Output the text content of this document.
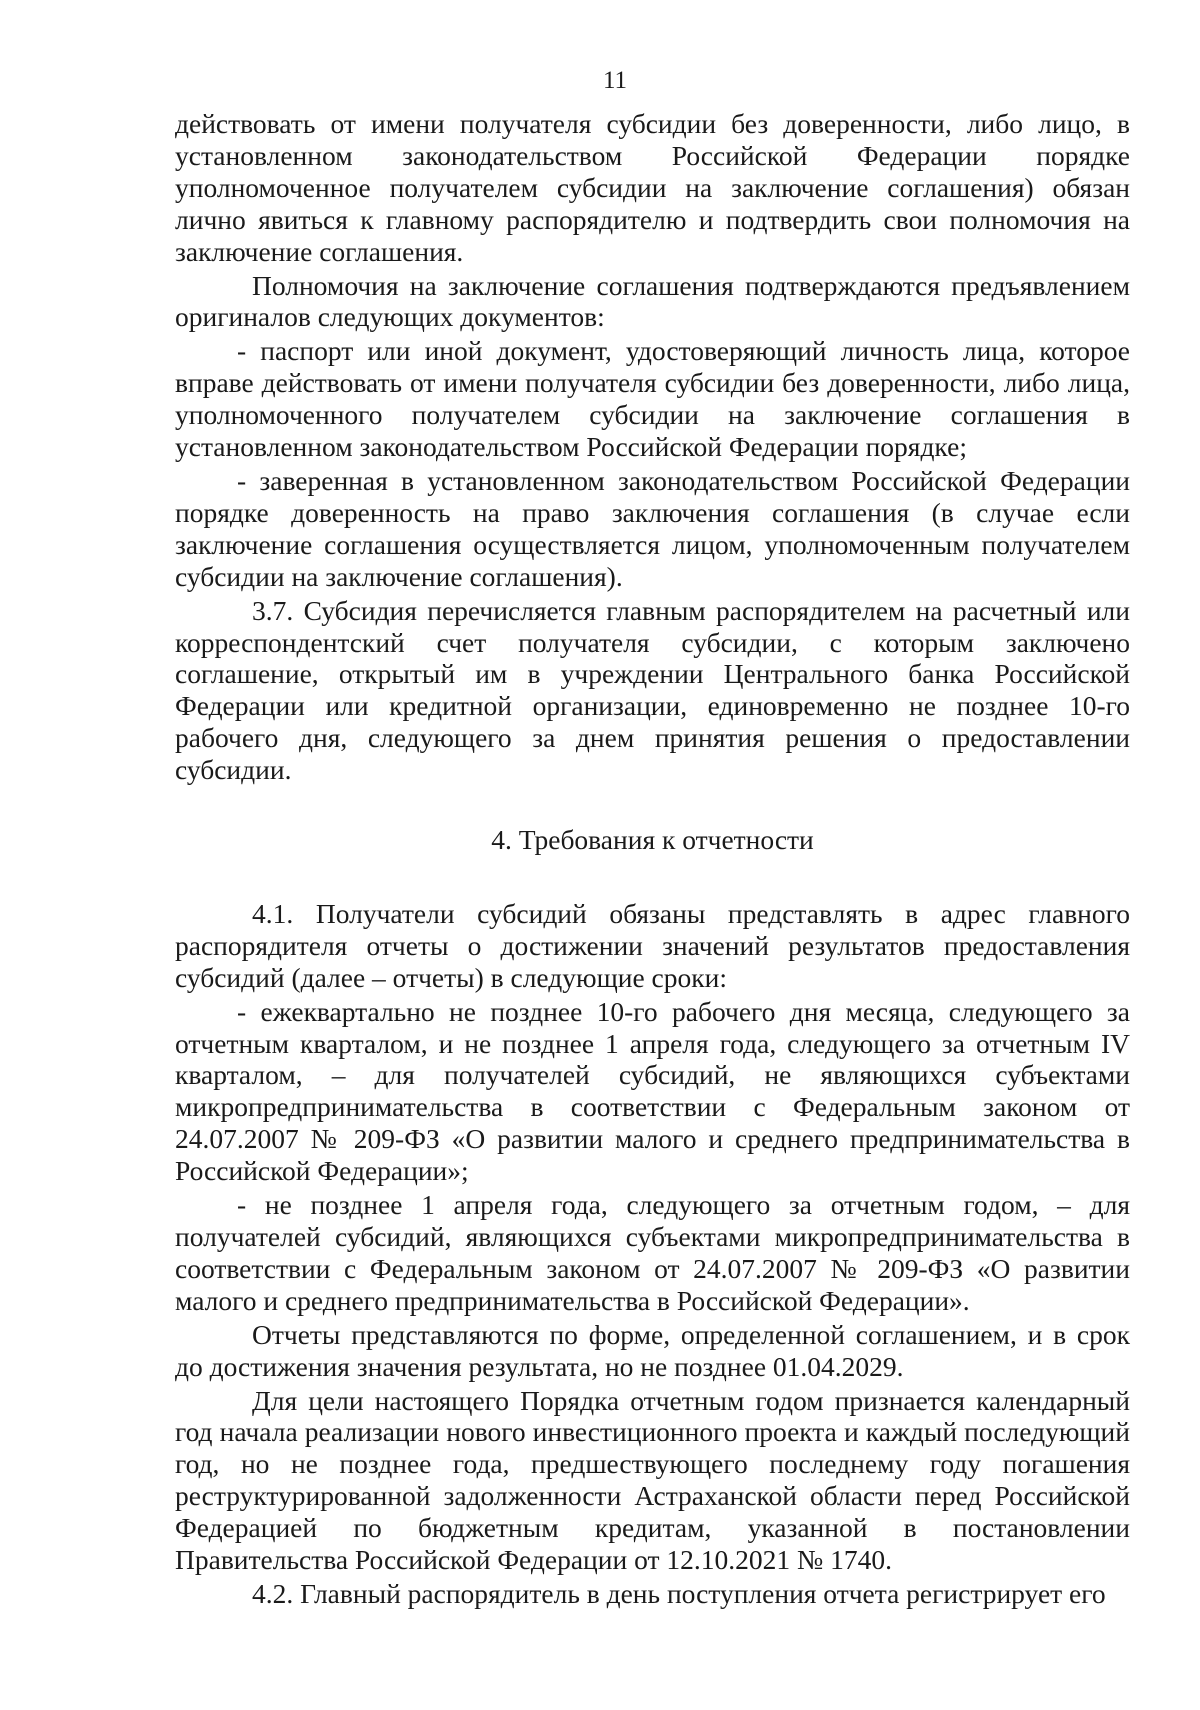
11

действовать от имени получателя субсидии без доверенности, либо лицо, в установленном законодательством Российской Федерации порядке уполномоченное получателем субсидии на заключение соглашения) обязан лично явиться к главному распорядителю и подтвердить свои полномочия на заключение соглашения.

Полномочия на заключение соглашения подтверждаются предъявлением оригиналов следующих документов:

- паспорт или иной документ, удостоверяющий личность лица, которое вправе действовать от имени получателя субсидии без доверенности, либо лица, уполномоченного получателем субсидии на заключение соглашения в установленном законодательством Российской Федерации порядке;

- заверенная в установленном законодательством Российской Федерации порядке доверенность на право заключения соглашения (в случае если заключение соглашения осуществляется лицом, уполномоченным получателем субсидии на заключение соглашения).

3.7. Субсидия перечисляется главным распорядителем на расчетный или корреспондентский счет получателя субсидии, с которым заключено соглашение, открытый им в учреждении Центрального банка Российской Федерации или кредитной организации, единовременно не позднее 10-го рабочего дня, следующего за днем принятия решения о предоставлении субсидии.

4. Требования к отчетности

4.1. Получатели субсидий обязаны представлять в адрес главного распорядителя отчеты о достижении значений результатов предоставления субсидий (далее – отчеты) в следующие сроки:

- ежеквартально не позднее 10-го рабочего дня месяца, следующего за отчетным кварталом, и не позднее 1 апреля года, следующего за отчетным IV кварталом, – для получателей субсидий, не являющихся субъектами микропредпринимательства в соответствии с Федеральным законом от 24.07.2007 № 209-ФЗ «О развитии малого и среднего предпринимательства в Российской Федерации»;

- не позднее 1 апреля года, следующего за отчетным годом, – для получателей субсидий, являющихся субъектами микропредпринимательства в соответствии с Федеральным законом от 24.07.2007 № 209-ФЗ «О развитии малого и среднего предпринимательства в Российской Федерации».

Отчеты представляются по форме, определенной соглашением, и в срок до достижения значения результата, но не позднее 01.04.2029.

Для цели настоящего Порядка отчетным годом признается календарный год начала реализации нового инвестиционного проекта и каждый последующий год, но не позднее года, предшествующего последнему году погашения реструктурированной задолженности Астраханской области перед Российской Федерацией по бюджетным кредитам, указанной в постановлении Правительства Российской Федерации от 12.10.2021 № 1740.

4.2. Главный распорядитель в день поступления отчета регистрирует его
